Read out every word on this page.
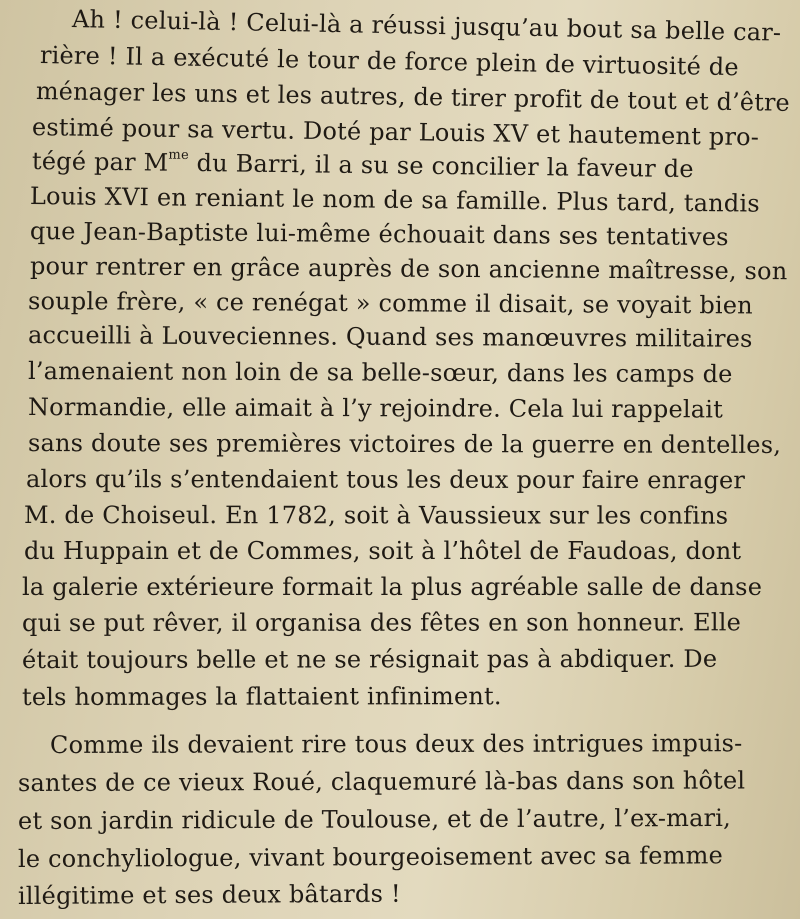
Ah ! celui-là ! Celui-là a réussi jusqu’au bout sa belle car-
rière ! Il a exécuté le tour de force plein de virtuosité de
ménager les uns et les autres, de tirer profit de tout et d’être
estimé pour sa vertu. Doté par Louis XV et hautement pro-
tégé par $M^{me}$ du Barri, il a su se concilier la faveur de
Louis XVI en reniant le nom de sa famille. Plus tard, tandis
que Jean-Baptiste lui-même échouait dans ses tentatives
pour rentrer en grâce auprès de son ancienne maîtresse, son
souple frère, « ce renégat » comme il disait, se voyait bien
accueilli à Louveciennes. Quand ses manœuvres militaires
l’amenaient non loin de sa belle-sœur, dans les camps de
Normandie, elle aimait à l’y rejoindre. Cela lui rappelait
sans doute ses premières victoires de la guerre en dentelles,
alors qu’ils s’entendaient tous les deux pour faire enrager
M. de Choiseul. En 1782, soit à Vaussieux sur les confins
du Huppain et de Commes, soit à l’hôtel de Faudoas, dont
la galerie extérieure formait la plus agréable salle de danse
qui se put rêver, il organisa des fêtes en son honneur. Elle
était toujours belle et ne se résignait pas à abdiquer. De
tels hommages la flattaient infiniment.
Comme ils devaient rire tous deux des intrigues impuis-
santes de ce vieux Roué, claquemuré là-bas dans son hôtel
et son jardin ridicule de Toulouse, et de l’autre, l’ex-mari,
le conchyliologue, vivant bourgeoisement avec sa femme
illégitime et ses deux bâtards !
